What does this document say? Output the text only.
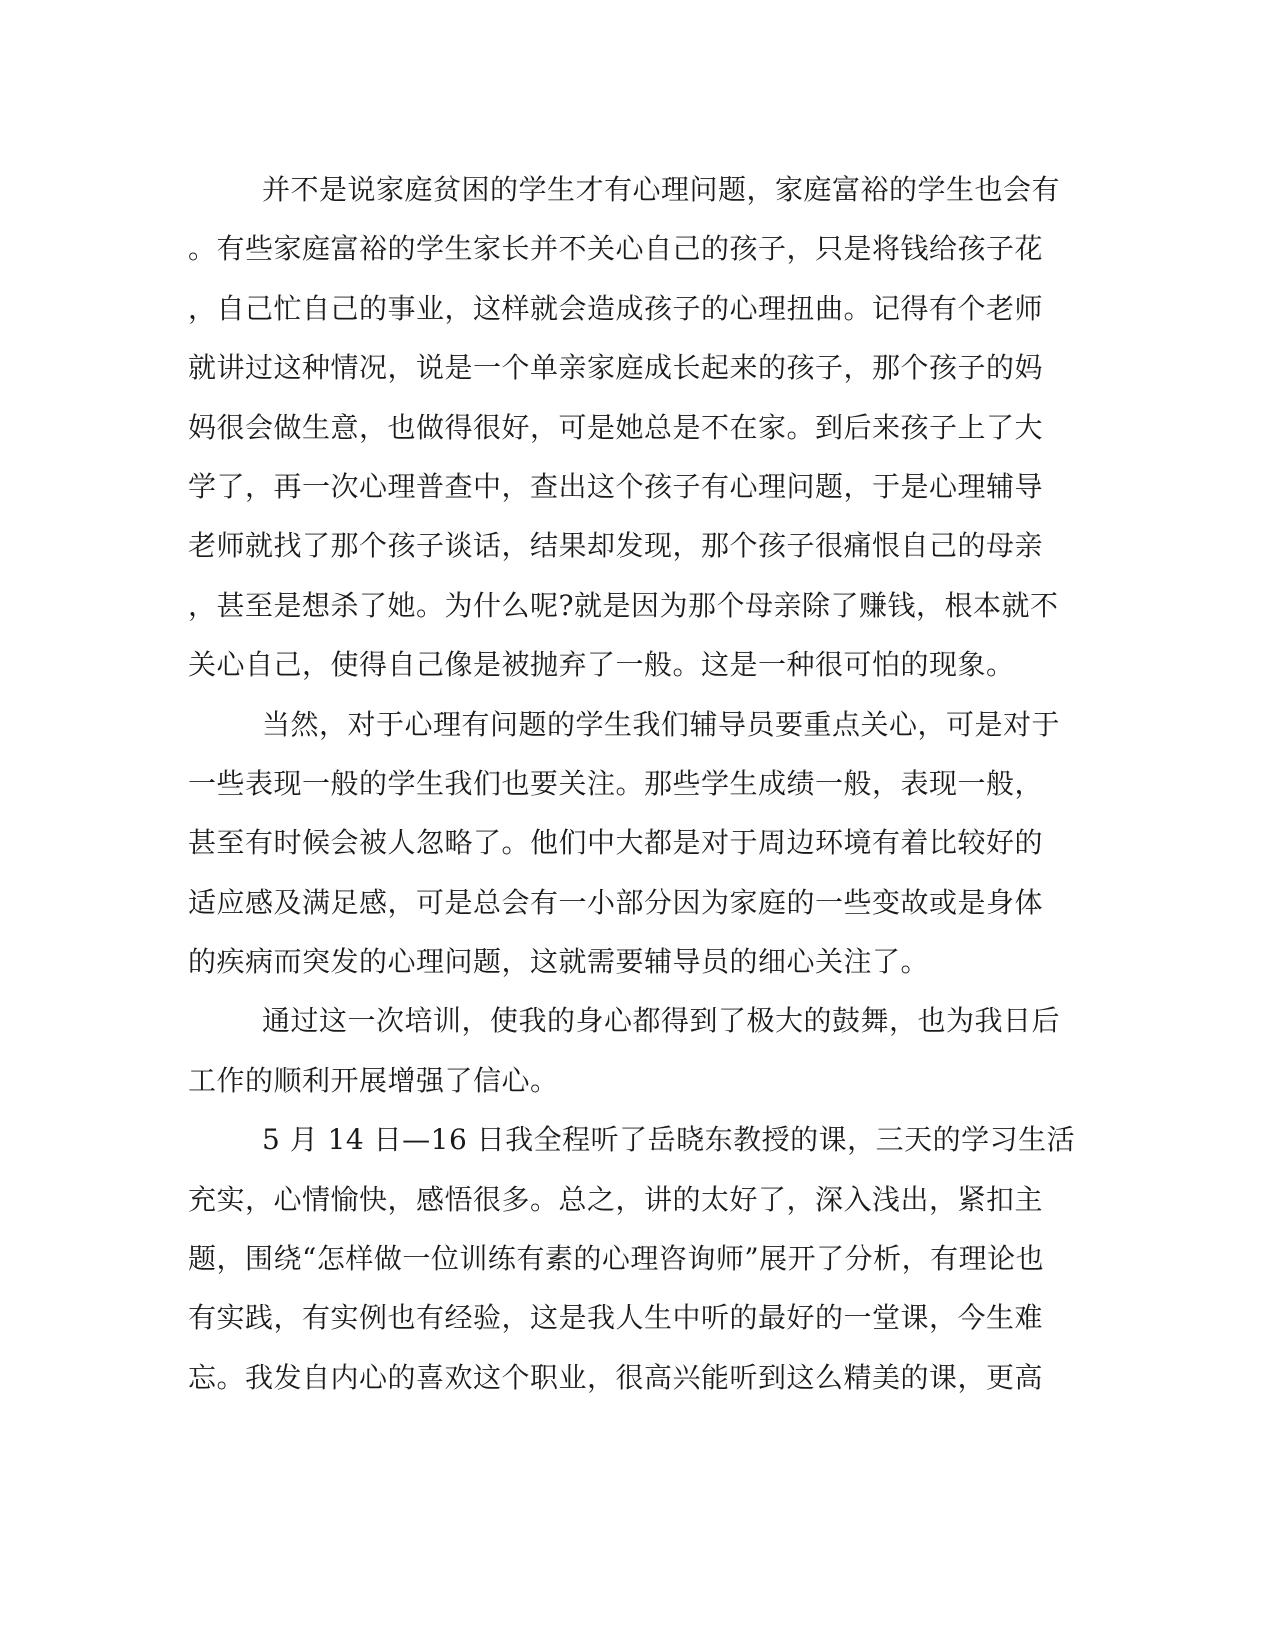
并不是说家庭贫困的学生才有心理问题，家庭富裕的学生也会有
。有些家庭富裕的学生家长并不关心自己的孩子，只是将钱给孩子花
，自己忙自己的事业，这样就会造成孩子的心理扭曲。记得有个老师
就讲过这种情况，说是一个单亲家庭成长起来的孩子，那个孩子的妈
妈很会做生意，也做得很好，可是她总是不在家。到后来孩子上了大
学了，再一次心理普查中，查出这个孩子有心理问题，于是心理辅导
老师就找了那个孩子谈话，结果却发现，那个孩子很痛恨自己的母亲
，甚至是想杀了她。为什么呢?就是因为那个母亲除了赚钱，根本就不
关心自己，使得自己像是被抛弃了一般。这是一种很可怕的现象。
当然，对于心理有问题的学生我们辅导员要重点关心，可是对于
一些表现一般的学生我们也要关注。那些学生成绩一般，表现一般，
甚至有时候会被人忽略了。他们中大都是对于周边环境有着比较好的
适应感及满足感，可是总会有一小部分因为家庭的一些变故或是身体
的疾病而突发的心理问题，这就需要辅导员的细心关注了。
通过这一次培训，使我的身心都得到了极大的鼓舞，也为我日后
工作的顺利开展增强了信心。
5 月 14 日—16 日我全程听了岳晓东教授的课，三天的学习生活
充实，心情愉快，感悟很多。总之，讲的太好了，深入浅出，紧扣主
题，围绕“怎样做一位训练有素的心理咨询师”展开了分析，有理论也
有实践，有实例也有经验，这是我人生中听的最好的一堂课，今生难
忘。我发自内心的喜欢这个职业，很高兴能听到这么精美的课，更高
